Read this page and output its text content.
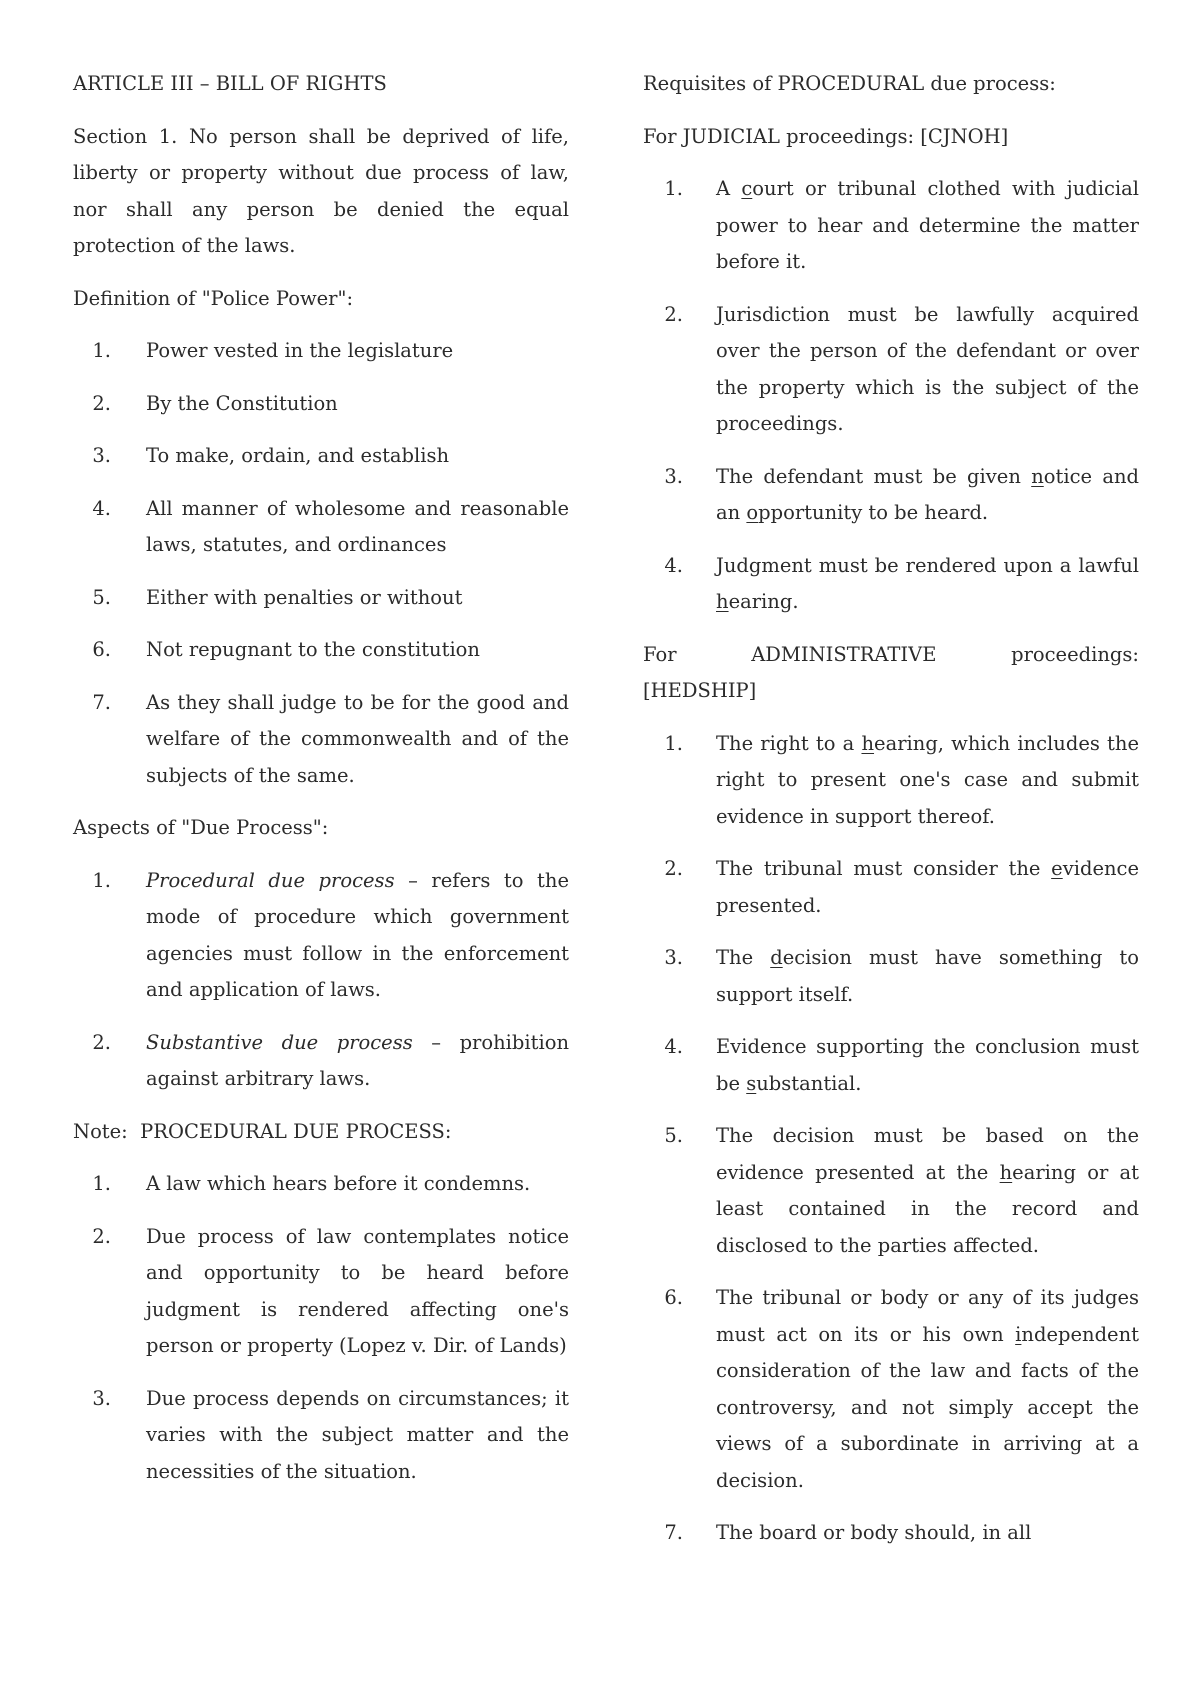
ARTICLE III – BILL OF RIGHTS

Section 1. No person shall be deprived of life, liberty or property without due process of law, nor shall any person be denied the equal protection of the laws.

Definition of "Police Power":

1.	Power vested in the legislature
2.	By the Constitution
3.	To make, ordain, and establish
4.	All manner of wholesome and reasonable laws, statutes, and ordinances
5.	Either with penalties or without
6.	Not repugnant to the constitution
7.	As they shall judge to be for the good and welfare of the commonwealth and of the subjects of the same.

Aspects of "Due Process":

1.	Procedural due process – refers to the mode of procedure which government agencies must follow in the enforcement and application of laws.
2.	Substantive due process – prohibition against arbitrary laws.

Note: PROCEDURAL DUE PROCESS:

1.	A law which hears before it condemns.
2.	Due process of law contemplates notice and opportunity to be heard before judgment is rendered affecting one's person or property (Lopez v. Dir. of Lands)
3.	Due process depends on circumstances; it varies with the subject matter and the necessities of the situation.

Requisites of PROCEDURAL due process:

For JUDICIAL proceedings: [CJNOH]

1.	A court or tribunal clothed with judicial power to hear and determine the matter before it.
2.	Jurisdiction must be lawfully acquired over the person of the defendant or over the property which is the subject of the proceedings.
3.	The defendant must be given notice and an opportunity to be heard.
4.	Judgment must be rendered upon a lawful hearing.

For	ADMINISTRATIVE	proceedings:

[HEDSHIP]

1.	The right to a hearing, which includes the right to present one's case and submit evidence in support thereof.
2.	The tribunal must consider the evidence presented.
3.	The decision must have something to support itself.
4.	Evidence supporting the conclusion must be substantial.
5.	The decision must be based on the evidence presented at the hearing or at least contained in the record and disclosed to the parties affected.
6.	The tribunal or body or any of its judges must act on its or his own independent consideration of the law and facts of the controversy, and not simply accept the views of a subordinate in arriving at a decision.
7.	The board or body should, in all
